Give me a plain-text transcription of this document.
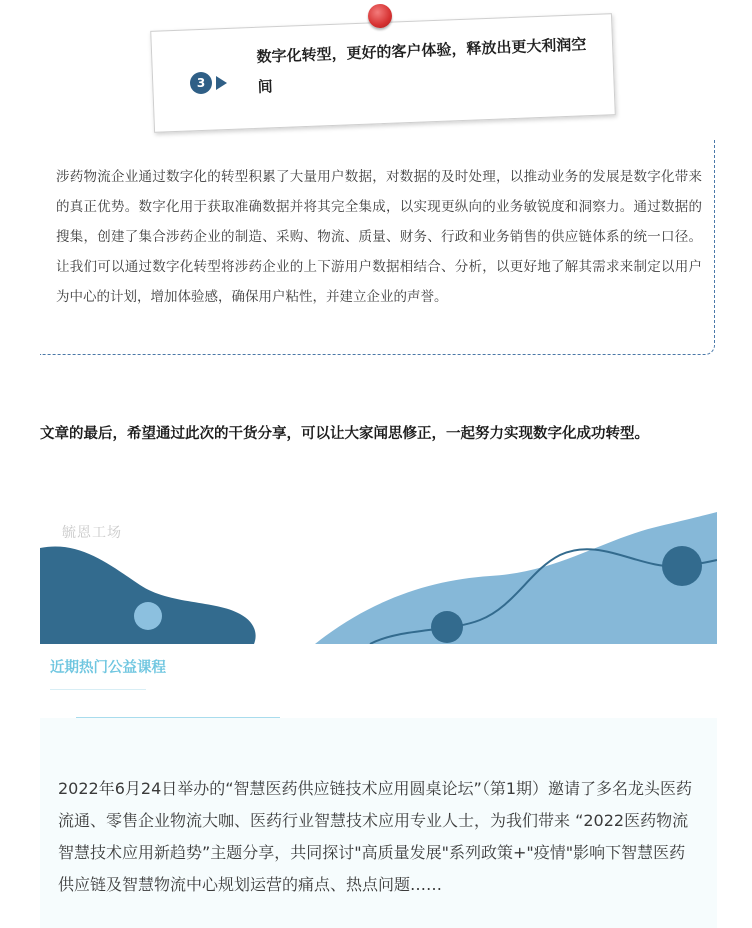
3
数字化转型，更好的客户体验，释放出更大利润空间
涉药物流企业通过数字化的转型积累了大量用户数据，对数据的及时处理，以推动业务的发展是数字化带来的真正优势。数字化用于获取准确数据并将其完全集成，以实现更纵向的业务敏锐度和洞察力。通过数据的搜集，创建了集合涉药企业的制造、采购、物流、质量、财务、行政和业务销售的供应链体系的统一口径。让我们可以通过数字化转型将涉药企业的上下游用户数据相结合、分析，以更好地了解其需求来制定以用户为中心的计划，增加体验感，确保用户粘性，并建立企业的声誉。
文章的最后，希望通过此次的干货分享，可以让大家闻思修正，一起努力实现数字化成功转型。
毓恩工场
近期热门公益课程
2022年6月24日举办的“智慧医药供应链技术应用圆桌论坛”（第1期）邀请了多名龙头医药流通、零售企业物流大咖、医药行业智慧技术应用专业人士，为我们带来 “2022医药物流智慧技术应用新趋势”主题分享，共同探讨"高质量发展"系列政策+"疫情"影响下智慧医药供应链及智慧物流中心规划运营的痛点、热点问题……
